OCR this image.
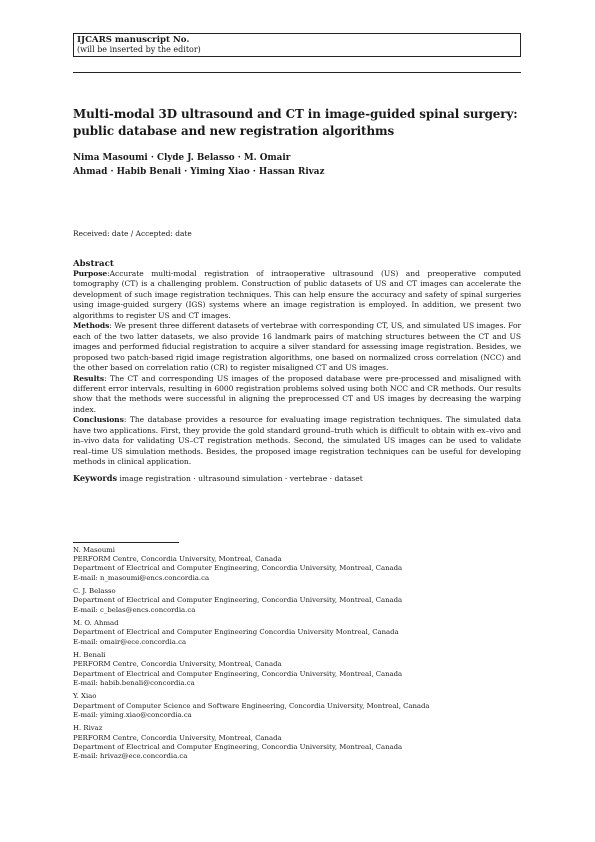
IJCARS manuscript No.
(will be inserted by the editor)
Multi-modal 3D ultrasound and CT in image-guided spinal surgery:
public database and new registration algorithms
Nima Masoumi · Clyde J. Belasso · M. Omair
Ahmad · Habib Benali · Yiming Xiao · Hassan Rivaz
Received: date / Accepted: date
Abstract

Purpose:Accurate multi-modal registration of intraoperative ultrasound (US) and preoperative computed tomography (CT) is a challenging problem. Construction of public datasets of US and CT images can accelerate the development of such image registration techniques. This can help ensure the accuracy and safety of spinal surgeries using image-guided surgery (IGS) systems where an image registration is employed. In addition, we present two algorithms to register US and CT images.

Methods: We present three different datasets of vertebrae with corresponding CT, US, and simulated US images. For each of the two latter datasets, we also provide 16 landmark pairs of matching structures between the CT and US images and performed fiducial registration to acquire a silver standard for assessing image registration. Besides, we proposed two patch-based rigid image registration algorithms, one based on normalized cross correlation (NCC) and the other based on correlation ratio (CR) to register misaligned CT and US images.

Results: The CT and corresponding US images of the proposed database were pre-processed and misaligned with different error intervals, resulting in 6000 registration problems solved using both NCC and CR methods. Our results show that the methods were successful in aligning the preprocessed CT and US images by decreasing the warping index.

Conclusions: The database provides a resource for evaluating image registration techniques. The simulated data have two applications. First, they provide the gold standard ground–truth which is difficult to obtain with ex–vivo and in–vivo data for validating US–CT registration methods. Second, the simulated US images can be used to validate real–time US simulation methods. Besides, the proposed image registration techniques can be useful for developing methods in clinical application.

Keywords image registration · ultrasound simulation · vertebrae · dataset
N. Masoumi
PERFORM Centre, Concordia University, Montreal, Canada
Department of Electrical and Computer Engineering, Concordia University, Montreal, Canada
E-mail: n_masoumi@encs.concordia.ca
C. J. Belasso
Department of Electrical and Computer Engineering, Concordia University, Montreal, Canada
E-mail: c_belas@encs.concordia.ca
M. O. Ahmad
Department of Electrical and Computer Engineering Concordia University Montreal, Canada
E-mail: omair@ece.concordia.ca
H. Benali
PERFORM Centre, Concordia University, Montreal, Canada
Department of Electrical and Computer Engineering, Concordia University, Montreal, Canada
E-mail: habib.benali@concordia.ca
Y. Xiao
Department of Computer Science and Software Engineering, Concordia University, Montreal, Canada
E-mail: yiming.xiao@concordia.ca
H. Rivaz
PERFORM Centre, Concordia University, Montreal, Canada
Department of Electrical and Computer Engineering, Concordia University, Montreal, Canada
E-mail: hrivaz@ece.concordia.ca
